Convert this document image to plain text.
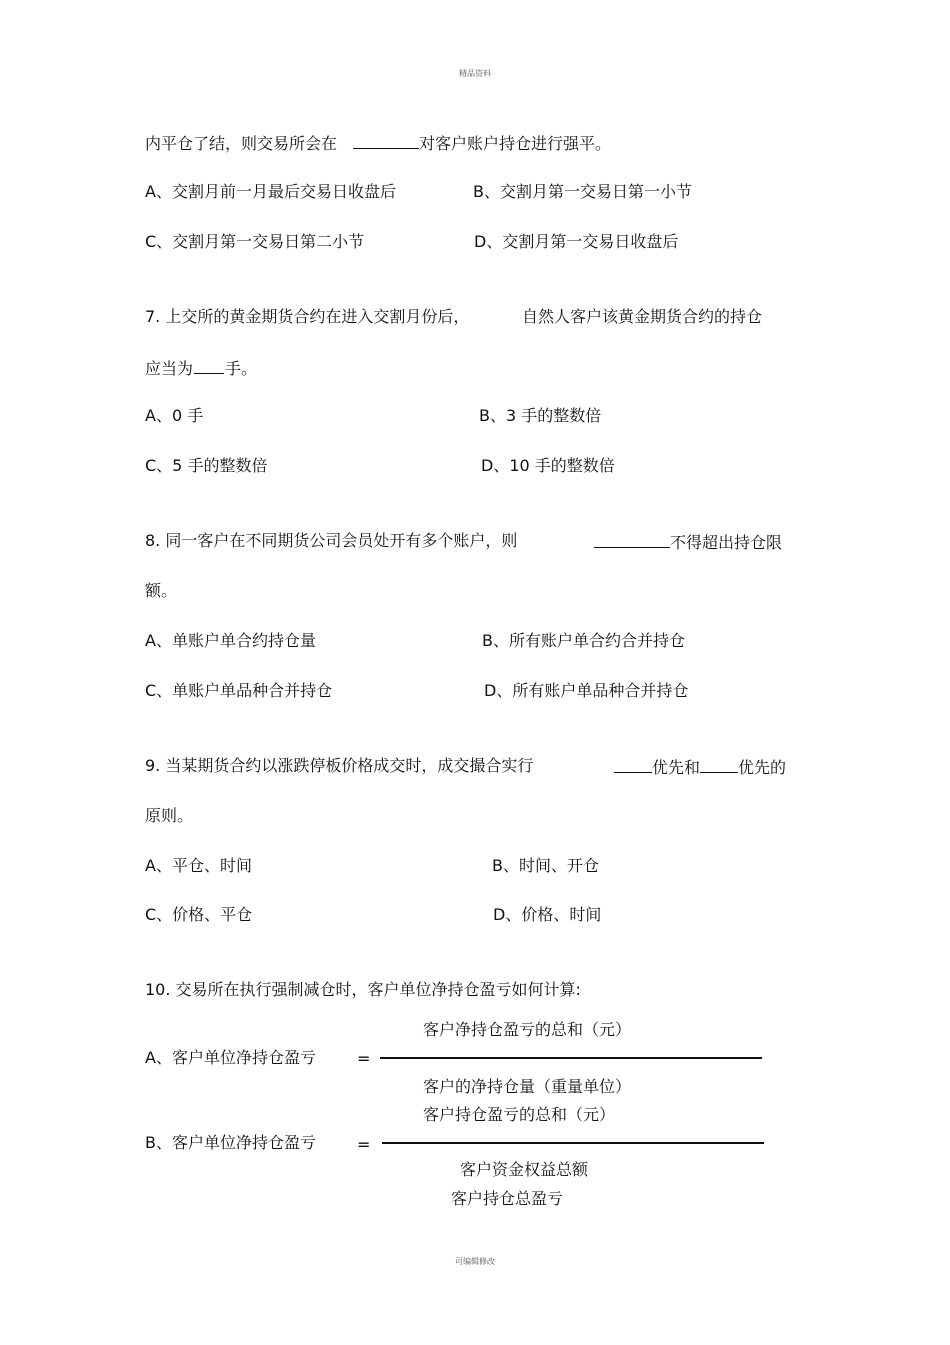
精品资料
内平仓了结，则交易所会在	对客户账户持仓进行强平。
A、交割月前一月最后交易日收盘后	B、交割月第一交易日第一小节
C、交割月第一交易日第二小节	D、交割月第一交易日收盘后
7. 上交所的黄金期货合约在进入交割月份后，	自然人客户该黄金期货合约的持仓
应当为 手。
A、0 手	B、3 手的整数倍
C、5 手的整数倍	D、10 手的整数倍
8. 同一客户在不同期货公司会员处开有多个账户，则	不得超出持仓限
额。
A、单账户单合约持仓量	B、所有账户单合约合并持仓
C、单账户单品种合并持仓	D、所有账户单品种合并持仓
9. 当某期货合约以涨跌停板价格成交时，成交撮合实行	优先和 优先的
原则。
A、平仓、时间	B、时间、开仓
C、价格、平仓	D、价格、时间
10. 交易所在执行强制减仓时，客户单位净持仓盈亏如何计算:
客户净持仓盈亏的总和（元）
A、客户单位净持仓盈亏	=
客户的净持仓量（重量单位）
客户持仓盈亏的总和（元）
B、客户单位净持仓盈亏	=
客户资金权益总额
客户持仓总盈亏
可编辑修改
